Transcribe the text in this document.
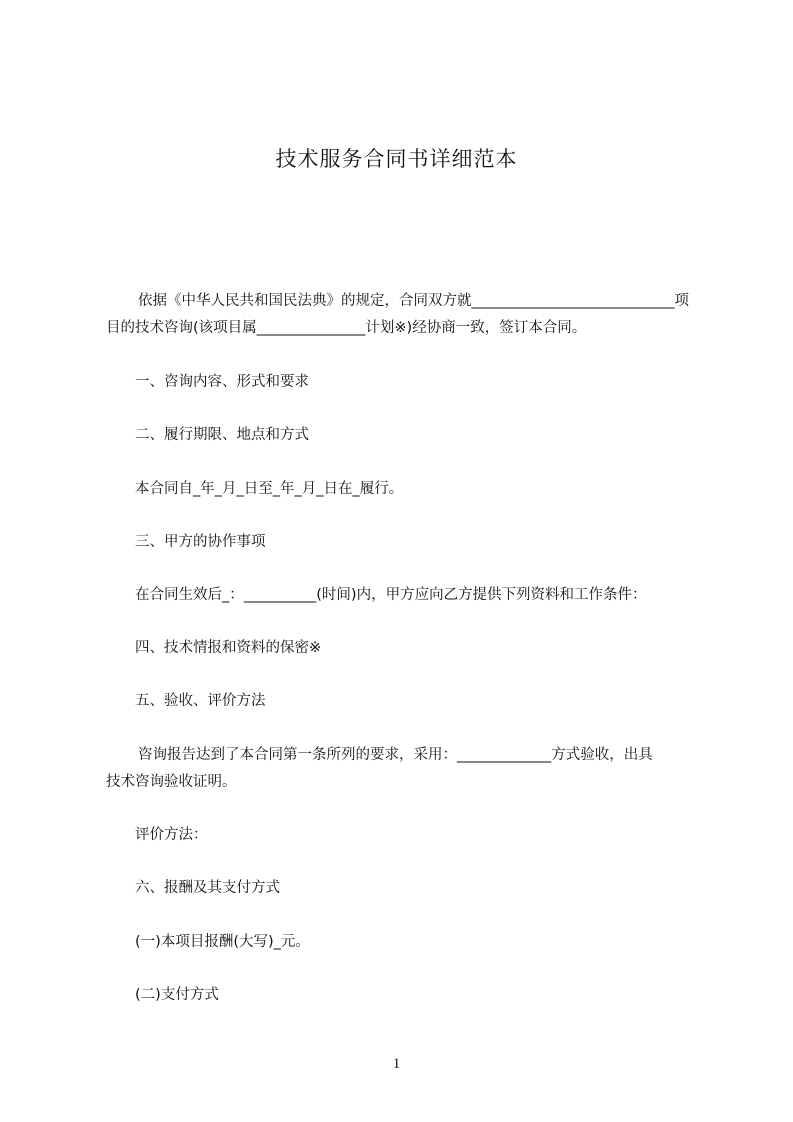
技术服务合同书详细范本
依据《中华人民共和国民法典》的规定，合同双方就____________________________项
目的技术咨询(该项目属_______________计划※)经协商一致，签订本合同。
一、咨询内容、形式和要求
二、履行期限、地点和方式
本合同自_年_月_日至_年_月_日在_履行。
三、甲方的协作事项
在合同生效后_：__________(时间)内，甲方应向乙方提供下列资料和工作条件：
四、技术情报和资料的保密※
五、验收、评价方法
咨询报告达到了本合同第一条所列的要求，采用：_____________方式验收，出具
技术咨询验收证明。
评价方法：
六、报酬及其支付方式
(一)本项目报酬(大写)_元。
(二)支付方式
1
